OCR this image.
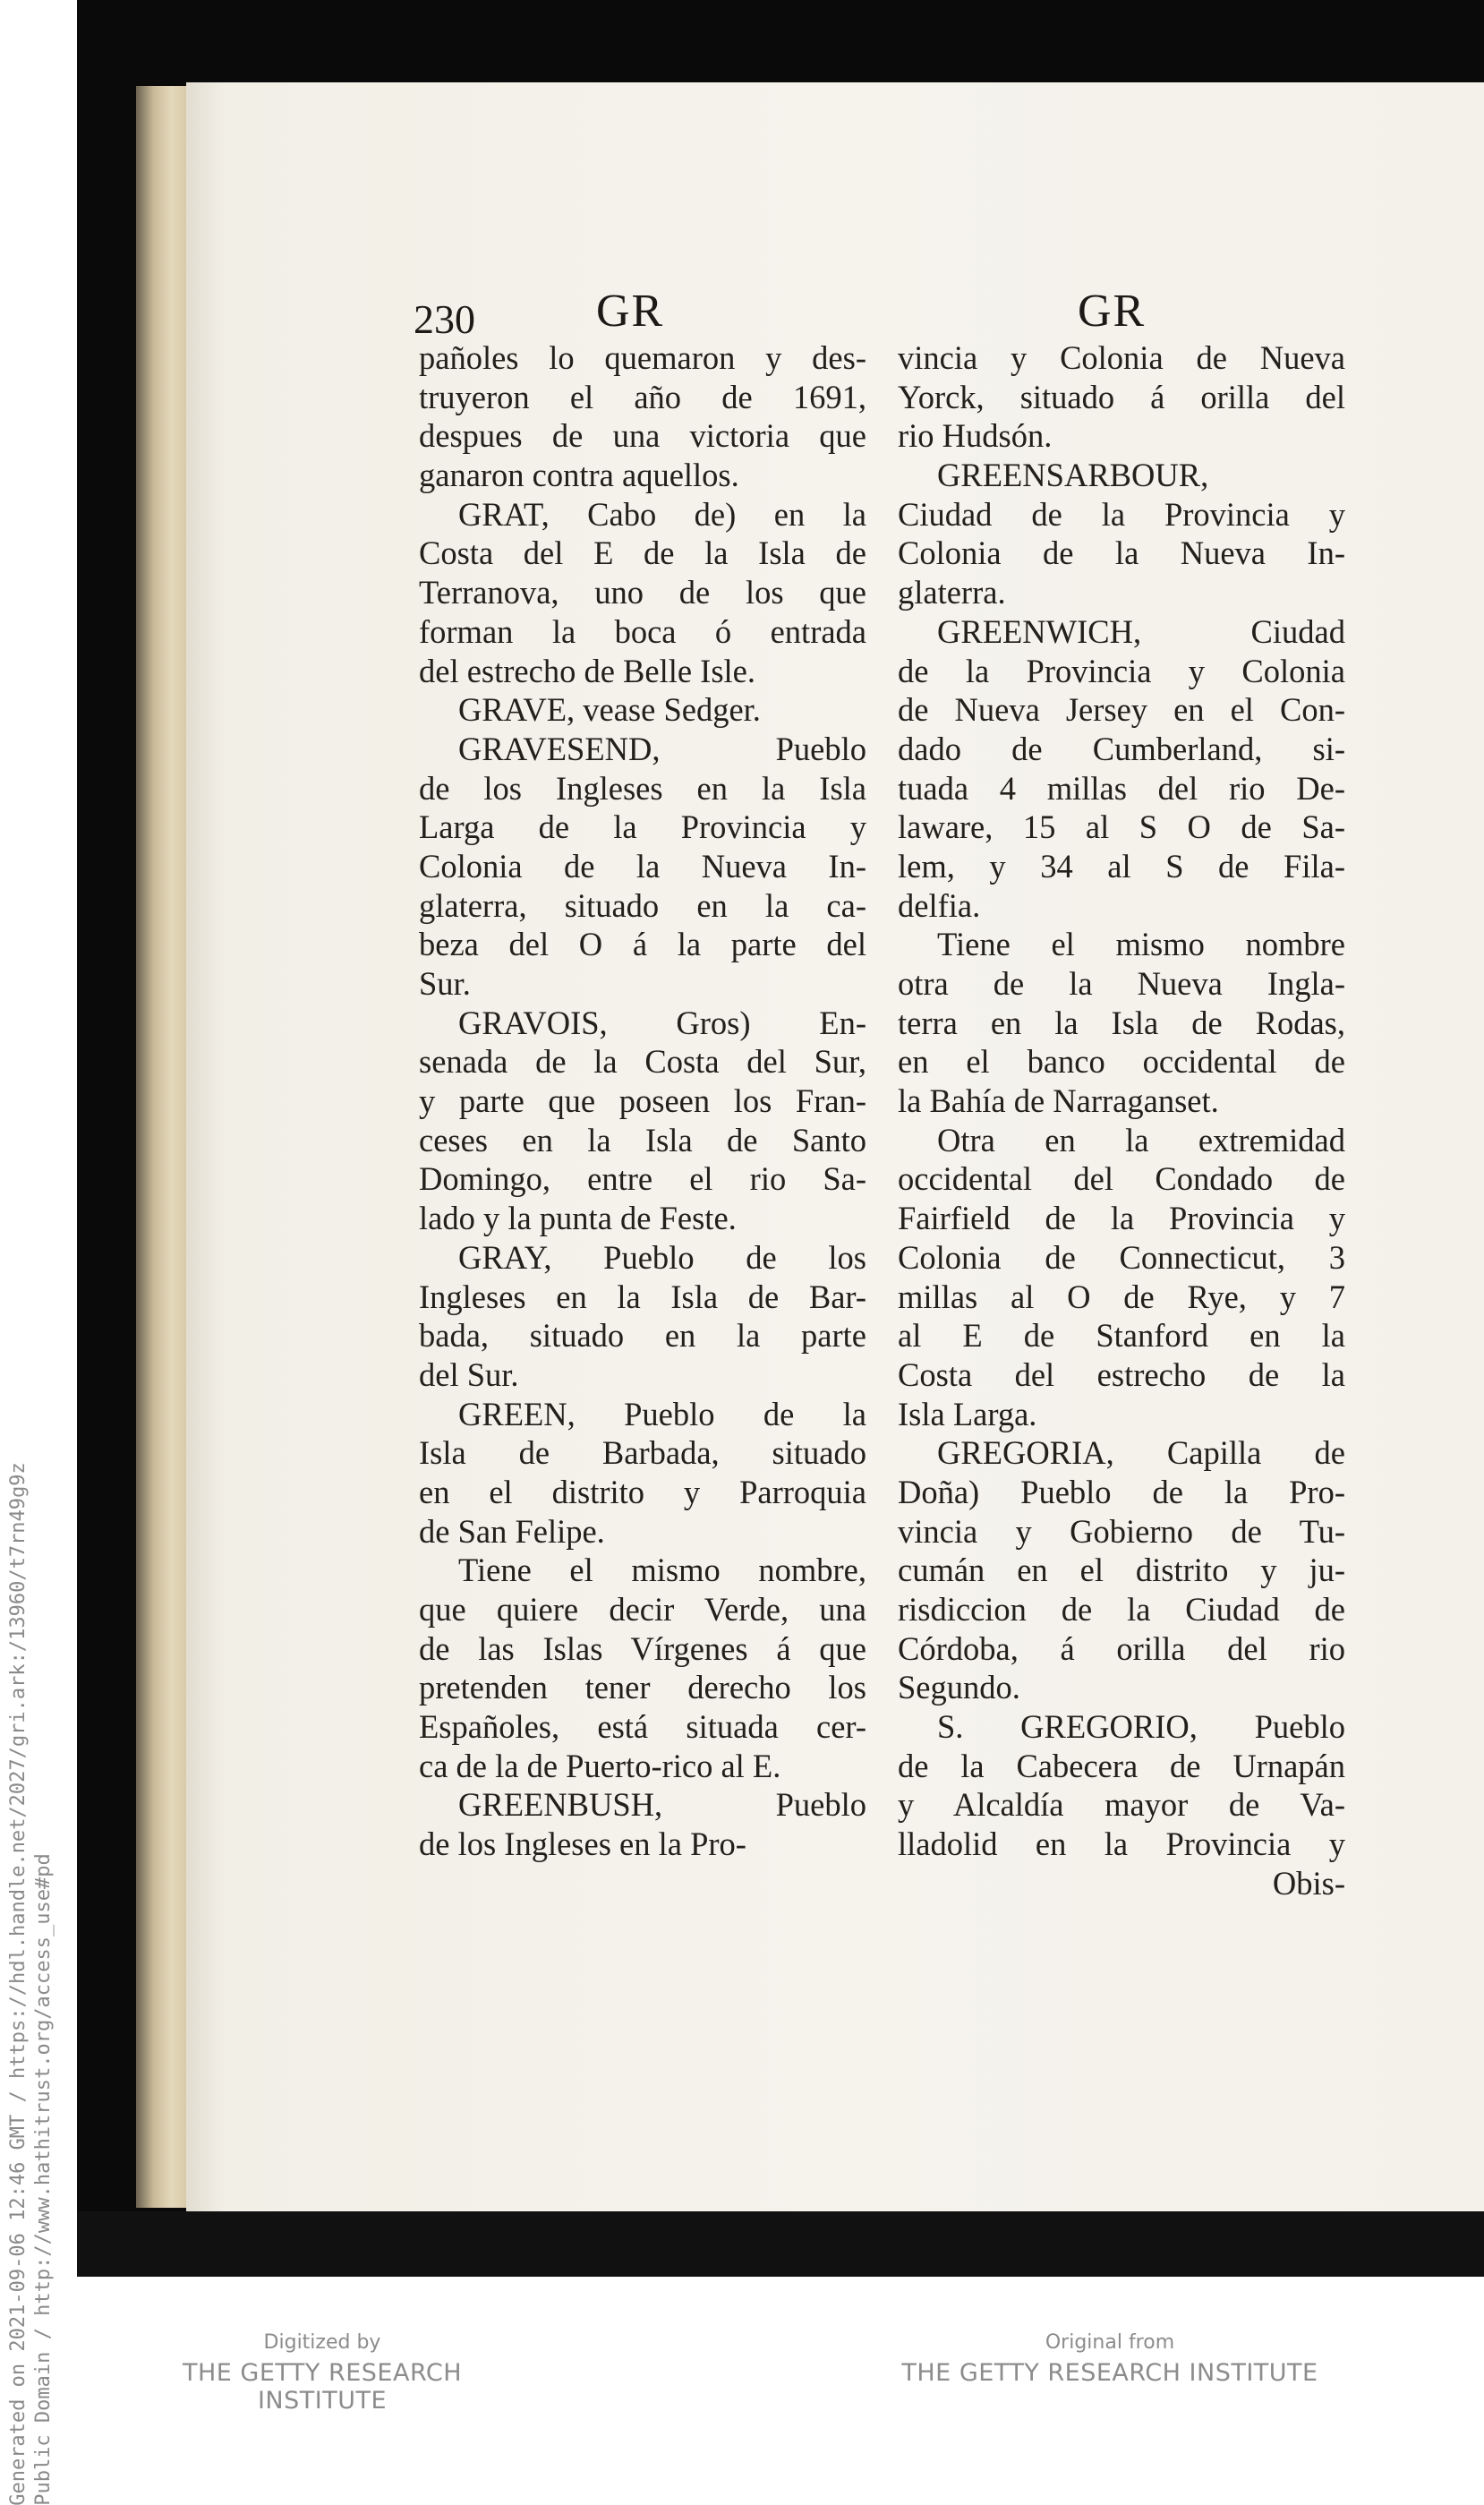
Generated on 2021-09-06 12:46 GMT / https://hdl.handle.net/2027/gri.ark:/13960/t7rn49g9z Public Domain / http://www.hathitrust.org/access_use#pd
230	GR	GR
pañoles lo quemaron y des-
truyeron el año de 1691,
despues de una victoria que
ganaron contra aquellos.
GRAT, Cabo de) en la
Costa del E de la Isla de
Terranova, uno de los que
forman la boca ó entrada
del estrecho de Belle Isle.
GRAVE, vease Sedger.
GRAVESEND, Pueblo
de los Ingleses en la Isla
Larga de la Provincia y
Colonia de la Nueva In-
glaterra, situado en la ca-
beza del O á la parte del
Sur.
GRAVOIS, Gros) En-
senada de la Costa del Sur,
y parte que poseen los Fran-
ceses en la Isla de Santo
Domingo, entre el rio Sa-
lado y la punta de Feste.
GRAY, Pueblo de los
Ingleses en la Isla de Bar-
bada, situado en la parte
del Sur.
GREEN, Pueblo de la
Isla de Barbada, situado
en el distrito y Parroquia
de San Felipe.
Tiene el mismo nombre,
que quiere decir Verde, una
de las Islas Vírgenes á que
pretenden tener derecho los
Españoles, está situada cer-
ca de la de Puerto-rico al E.
GREENBUSH, Pueblo
de los Ingleses en la Pro-
vincia y Colonia de Nueva
Yorck, situado á orilla del
rio Hudsón.
GREENSARBOUR,
Ciudad de la Provincia y
Colonia de la Nueva In-
glaterra.
GREENWICH, Ciudad
de la Provincia y Colonia
de Nueva Jersey en el Con-
dado de Cumberland, si-
tuada 4 millas del rio De-
laware, 15 al S O de Sa-
lem, y 34 al S de Fila-
delfia.
Tiene el mismo nombre
otra de la Nueva Ingla-
terra en la Isla de Rodas,
en el banco occidental de
la Bahía de Narraganset.
Otra en la extremidad
occidental del Condado de
Fairfield de la Provincia y
Colonia de Connecticut, 3
millas al O de Rye, y 7
al E de Stanford en la
Costa del estrecho de la
Isla Larga.
GREGORIA, Capilla de
Doña) Pueblo de la Pro-
vincia y Gobierno de Tu-
cumán en el distrito y ju-
risdiccion de la Ciudad de
Córdoba, á orilla del rio
Segundo.
S. GREGORIO, Pueblo
de la Cabecera de Urnapán
y Alcaldía mayor de Va-
lladolid en la Provincia y
Obis-
Digitized by
THE GETTY RESEARCH INSTITUTE
Original from
THE GETTY RESEARCH INSTITUTE
